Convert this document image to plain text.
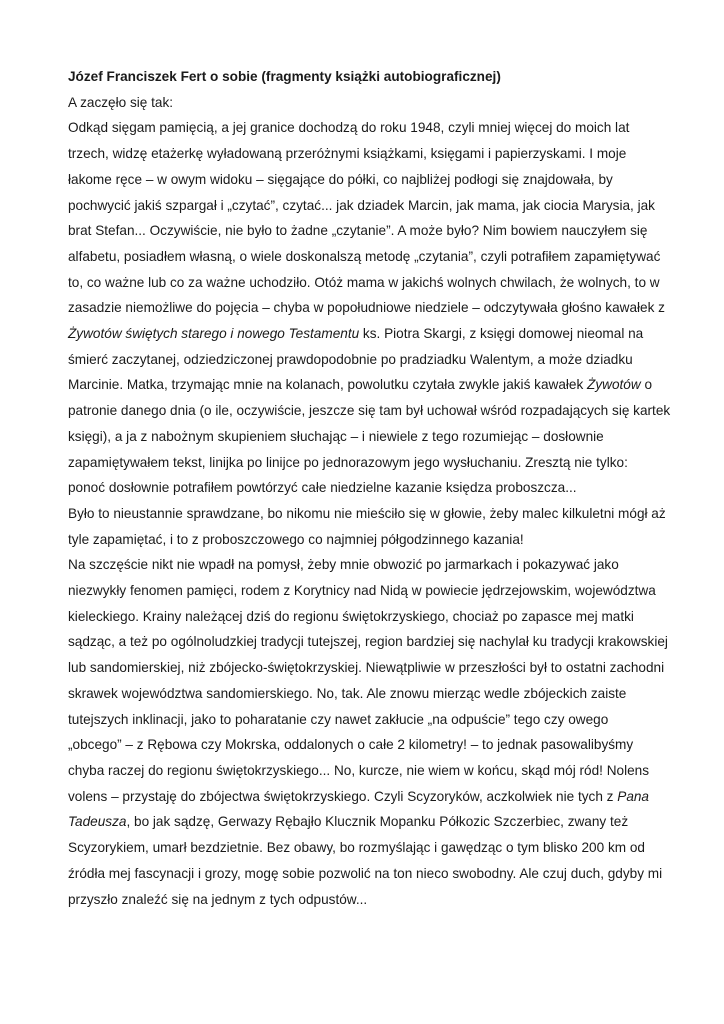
Józef Franciszek Fert o sobie (fragmenty książki autobiograficznej)

A zaczęło się tak:

Odkąd sięgam pamięcią, a jej granice dochodzą do roku 1948, czyli mniej więcej do moich lat
trzech, widzę etażerkę wyładowaną przeróżnymi książkami, księgami i papierzyskami. I moje
łakome ręce – w owym widoku – sięgające do półki, co najbliżej podłogi się znajdowała, by
pochwycić jakiś szpargał i „czytać”, czytać... jak dziadek Marcin, jak mama, jak ciocia Marysia, jak
brat Stefan... Oczywiście, nie było to żadne „czytanie”. A może było? Nim bowiem nauczyłem się
alfabetu, posiadłem własną, o wiele doskonalszą metodę „czytania”, czyli potrafiłem zapamiętywać
to, co ważne lub co za ważne uchodziło. Otóż mama w jakichś wolnych chwilach, że wolnych, to w
zasadzie niemożliwe do pojęcia – chyba w popołudniowe niedziele – odczytywała głośno kawałek z
Żywotów świętych starego i nowego Testamentu ks. Piotra Skargi, z księgi domowej nieomal na
śmierć zaczytanej, odziedziczonej prawdopodobnie po pradziadku Walentym, a może dziadku
Marcinie. Matka, trzymając mnie na kolanach, powolutku czytała zwykle jakiś kawałek Żywotów o
patronie danego dnia (o ile, oczywiście, jeszcze się tam był uchował wśród rozpadających się kartek
księgi), a ja z nabożnym skupieniem słuchając – i niewiele z tego rozumiejąc – dosłownie
zapamiętywałem tekst, linijka po linijce po jednorazowym jego wysłuchaniu. Zresztą nie tylko:
ponoć dosłownie potrafiłem powtórzyć całe niedzielne kazanie księdza proboszcza...

Było to nieustannie sprawdzane, bo nikomu nie mieściło się w głowie, żeby malec kilkuletni mógł aż
tyle zapamiętać, i to z proboszczowego co najmniej półgodzinnego kazania!

Na szczęście nikt nie wpadł na pomysł, żeby mnie obwozić po jarmarkach i pokazywać jako
niezwykły fenomen pamięci, rodem z Korytnicy nad Nidą w powiecie jędrzejowskim, województwa
kieleckiego. Krainy należącej dziś do regionu świętokrzyskiego, chociaż po zapasce mej matki
sądząc, a też po ogólnoludzkiej tradycji tutejszej, region bardziej się nachylał ku tradycji krakowskiej
lub sandomierskiej, niż zbójecko-świętokrzyskiej. Niewątpliwie w przeszłości był to ostatni zachodni
skrawek województwa sandomierskiego. No, tak. Ale znowu mierząc wedle zbójeckich zaiste
tutejszych inklinacji, jako to poharatanie czy nawet zakłucie „na odpuście” tego czy owego
„obcego” – z Rębowa czy Mokrska, oddalonych o całe 2 kilometry! – to jednak pasowalibyśmy
chyba raczej do regionu świętokrzyskiego... No, kurcze, nie wiem w końcu, skąd mój ród! Nolens
volens – przystaję do zbójectwa świętokrzyskiego. Czyli Scyzoryków, aczkolwiek nie tych z Pana
Tadeusza, bo jak sądzę, Gerwazy Rębajło Klucznik Mopanku Półkozic Szczerbiec, zwany też
Scyzorykiem, umarł bezdzietnie. Bez obawy, bo rozmyślając i gawędząc o tym blisko 200 km od
źródła mej fascynacji i grozy, mogę sobie pozwolić na ton nieco swobodny. Ale czuj duch, gdyby mi
przyszło znaleźć się na jednym z tych odpustów...
